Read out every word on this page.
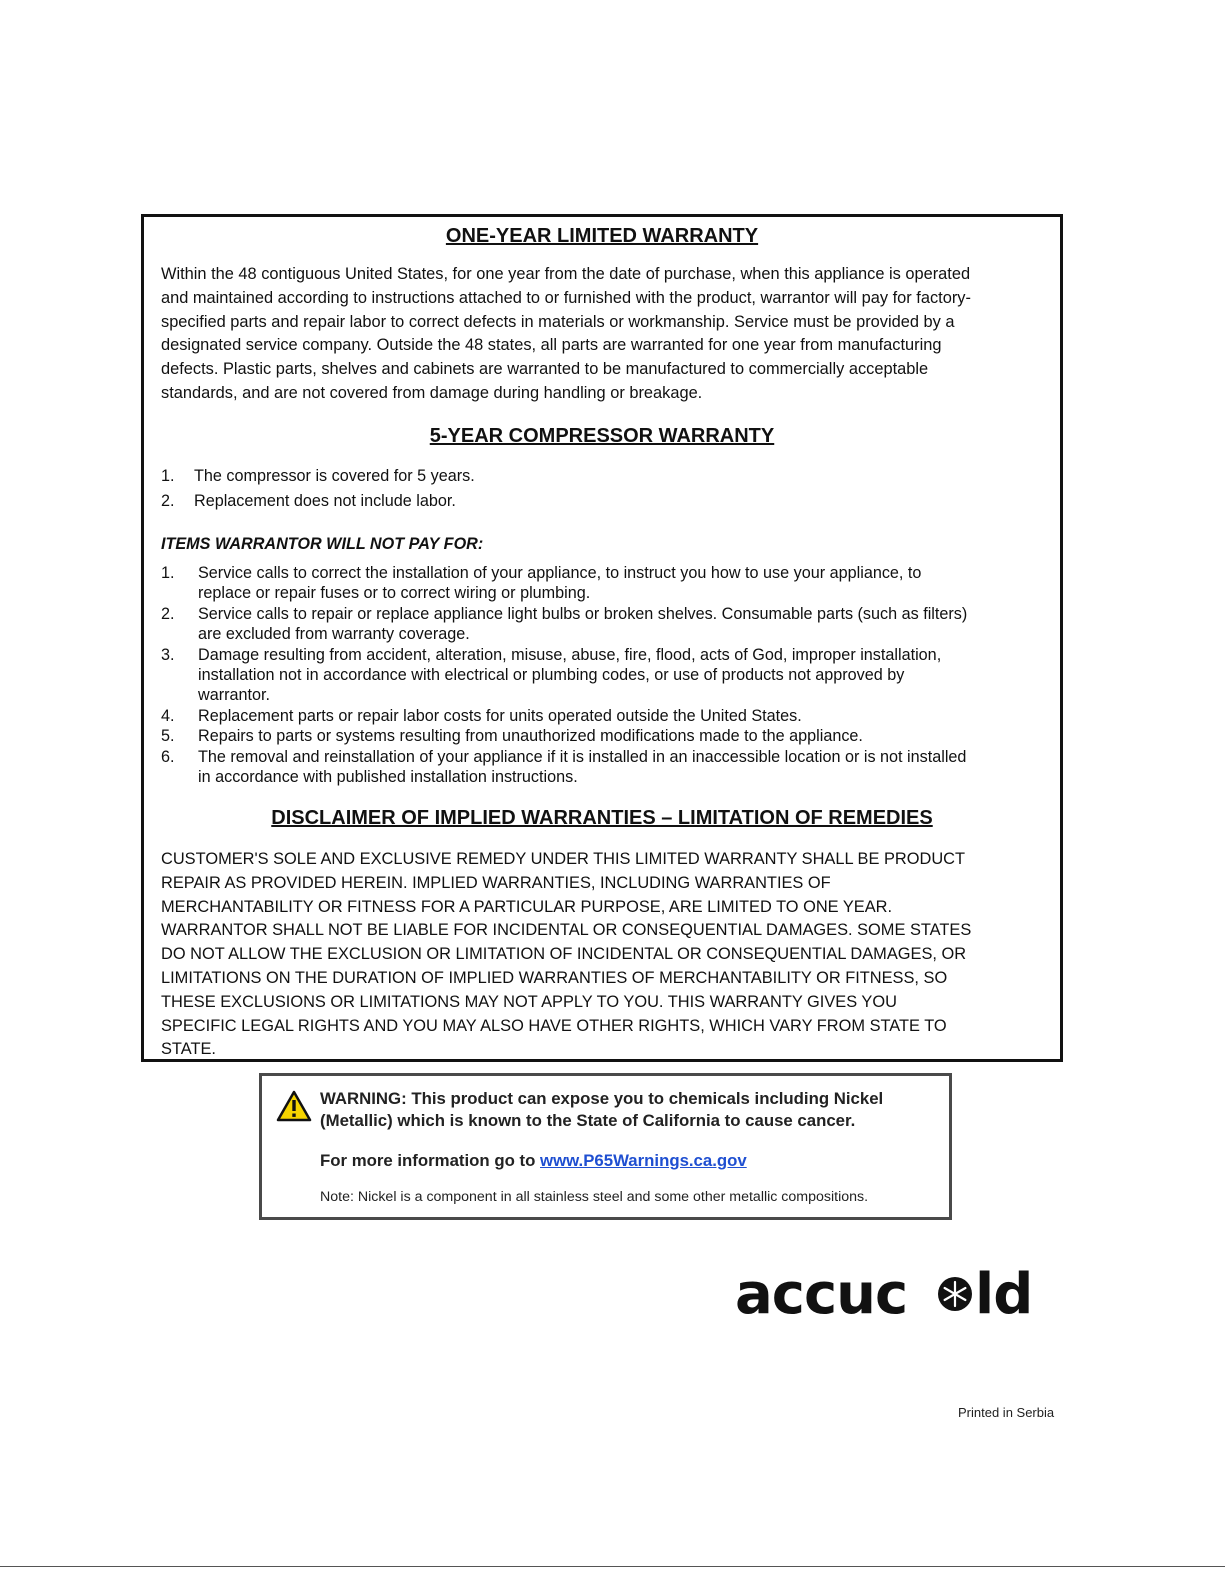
ONE-YEAR LIMITED WARRANTY
Within the 48 contiguous United States, for one year from the date of purchase, when this appliance is operated
and maintained according to instructions attached to or furnished with the product, warrantor will pay for factory-
specified parts and repair labor to correct defects in materials or workmanship. Service must be provided by a
designated service company. Outside the 48 states, all parts are warranted for one year from manufacturing
defects. Plastic parts, shelves and cabinets are warranted to be manufactured to commercially acceptable
standards, and are not covered from damage during handling or breakage.
5-YEAR COMPRESSOR WARRANTY
1. The compressor is covered for 5 years.
2. Replacement does not include labor.
ITEMS WARRANTOR WILL NOT PAY FOR:
1. Service calls to correct the installation of your appliance, to instruct you how to use your appliance, to
replace or repair fuses or to correct wiring or plumbing.
2. Service calls to repair or replace appliance light bulbs or broken shelves. Consumable parts (such as filters)
are excluded from warranty coverage.
3. Damage resulting from accident, alteration, misuse, abuse, fire, flood, acts of God, improper installation,
installation not in accordance with electrical or plumbing codes, or use of products not approved by
warrantor.
4. Replacement parts or repair labor costs for units operated outside the United States.
5. Repairs to parts or systems resulting from unauthorized modifications made to the appliance.
6. The removal and reinstallation of your appliance if it is installed in an inaccessible location or is not installed
in accordance with published installation instructions.
DISCLAIMER OF IMPLIED WARRANTIES – LIMITATION OF REMEDIES
CUSTOMER'S SOLE AND EXCLUSIVE REMEDY UNDER THIS LIMITED WARRANTY SHALL BE PRODUCT
REPAIR AS PROVIDED HEREIN. IMPLIED WARRANTIES, INCLUDING WARRANTIES OF
MERCHANTABILITY OR FITNESS FOR A PARTICULAR PURPOSE, ARE LIMITED TO ONE YEAR.
WARRANTOR SHALL NOT BE LIABLE FOR INCIDENTAL OR CONSEQUENTIAL DAMAGES. SOME STATES
DO NOT ALLOW THE EXCLUSION OR LIMITATION OF INCIDENTAL OR CONSEQUENTIAL DAMAGES, OR
LIMITATIONS ON THE DURATION OF IMPLIED WARRANTIES OF MERCHANTABILITY OR FITNESS, SO
THESE EXCLUSIONS OR LIMITATIONS MAY NOT APPLY TO YOU. THIS WARRANTY GIVES YOU
SPECIFIC LEGAL RIGHTS AND YOU MAY ALSO HAVE OTHER RIGHTS, WHICH VARY FROM STATE TO
STATE.

WARNING: This product can expose you to chemicals including Nickel

(Metallic) which is known to the State of California to cause cancer.

For more information go to www.P65Warnings.ca.gov

Note: Nickel is a component in all stainless steel and some other metallic compositions.

accuc ld

Printed in Serbia
